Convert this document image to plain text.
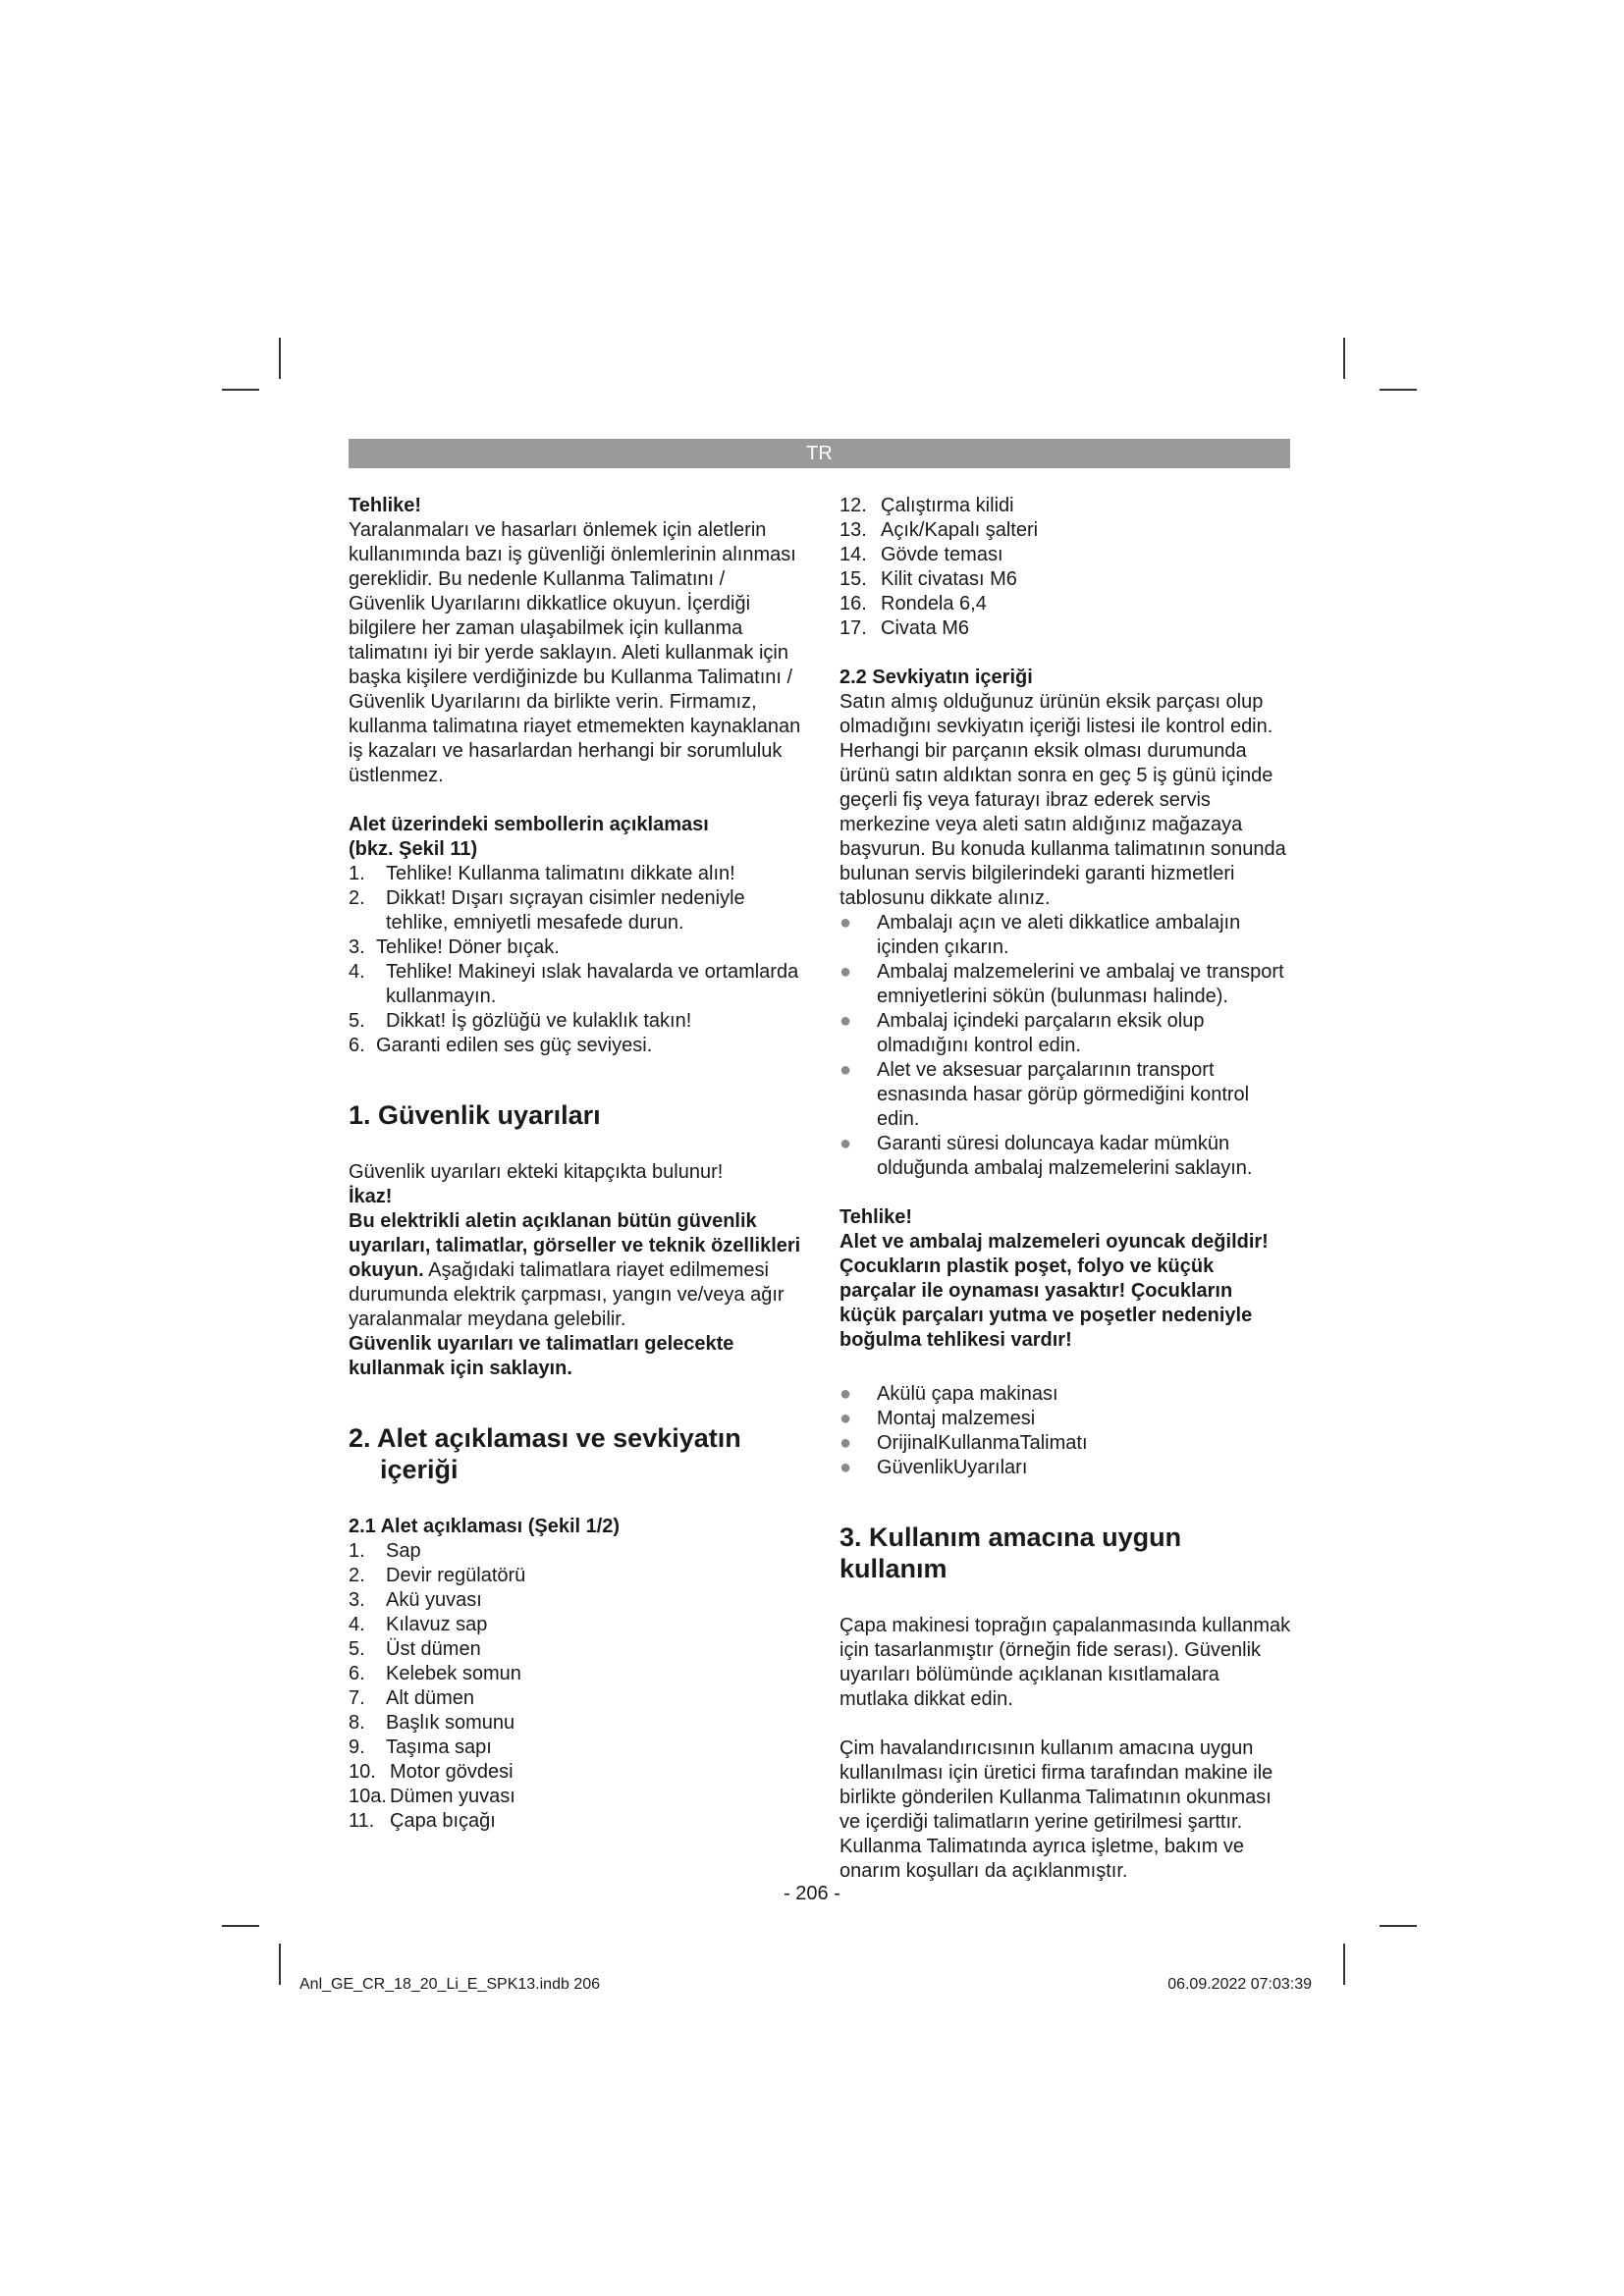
TR

Tehlike!

Yaralanmaları ve hasarları önlemek için aletlerin kullanımında bazı iş güvenliği önlemlerinin alınması gereklidir. Bu nedenle Kullanma Talimatını / Güvenlik Uyarılarını dikkatlice okuyun. İçerdiği bilgilere her zaman ulaşabilmek için kullanma talimatını iyi bir yerde saklayın. Aleti kullanmak için başka kişilere verdiğinizde bu Kullanma Talimatını / Güvenlik Uyarılarını da birlikte verin. Firmamız, kullanma talimatına riayet etmemekten kaynaklanan iş kazaları ve hasarlardan herhangi bir sorumluluk üstlenmez.

Alet üzerindeki sembollerin açıklaması

(bkz. Şekil 11)

1.	Tehlike! Kullanma talimatını dikkate alın!
2.	Dikkat! Dışarı sıçrayan cisimler nedeniyle tehlike, emniyetli mesafede durun.
3. Tehlike! Döner bıçak.
4.	Tehlike! Makineyi ıslak havalarda ve ortamlarda kullanmayın.
5.	Dikkat! İş gözlüğü ve kulaklık takın!
6. Garanti edilen ses güç seviyesi.

1. Güvenlik uyarıları

Güvenlik uyarıları ekteki kitapçıkta bulunur!

İkaz!

Bu elektrikli aletin açıklanan bütün güvenlik uyarıları, talimatlar, görseller ve teknik özellikleri okuyun. Aşağıdaki talimatlara riayet edilmemesi durumunda elektrik çarpması, yangın ve/veya ağır yaralanmalar meydana gelebilir.

Güvenlik uyarıları ve talimatları gelecekte kullanmak için saklayın.

2. Alet açıklaması ve sevkiyatın içeriği

2.1 Alet açıklaması (Şekil 1/2)

1.	Sap
2.	Devir regülatörü
3.	Akü yuvası
4.	Kılavuz sap
5.	Üst dümen
6.	Kelebek somun
7.	Alt dümen
8.	Başlık somunu
9.	Taşıma sapı
10. Motor gövdesi
10a. Dümen yuvası
11. Çapa bıçağı
12. Çalıştırma kilidi
13. Açık/Kapalı şalteri
14. Gövde teması
15. Kilit civatası M6
16. Rondela 6,4
17. Civata M6

2.2 Sevkiyatın içeriği

Satın almış olduğunuz ürünün eksik parçası olup olmadığını sevkiyatın içeriği listesi ile kontrol edin. Herhangi bir parçanın eksik olması durumunda ürünü satın aldıktan sonra en geç 5 iş günü içinde geçerli fiş veya faturayı ibraz ederek servis merkezine veya aleti satın aldığınız mağazaya başvurun. Bu konuda kullanma talimatının sonunda bulunan servis bilgilerindeki garanti hizmetleri tablosunu dikkate alınız.

●	Ambalajı açın ve aleti dikkatlice ambalajın içinden çıkarın.
●	Ambalaj malzemelerini ve ambalaj ve transport emniyetlerini sökün (bulunması halinde).
●	Ambalaj içindeki parçaların eksik olup olmadığını kontrol edin.
●	Alet ve aksesuar parçalarının transport esnasında hasar görüp görmediğini kontrol edin.
●	Garanti süresi doluncaya kadar mümkün olduğunda ambalaj malzemelerini saklayın.

Tehlike!

Alet ve ambalaj malzemeleri oyuncak değildir! Çocukların plastik poşet, folyo ve küçük parçalar ile oynaması yasaktır! Çocukların küçük parçaları yutma ve poşetler nedeniyle boğulma tehlikesi vardır!

●	Akülü çapa makinası
●	Montaj malzemesi
●	OrijinalKullanmaTalimatı
●	GüvenlikUyarıları

3. Kullanım amacına uygun kullanım

Çapa makinesi toprağın çapalanmasında kullanmak için tasarlanmıştır (örneğin fide serası). Güvenlik uyarıları bölümünde açıklanan kısıtlamalara mutlaka dikkat edin.

Çim havalandırıcısının kullanım amacına uygun kullanılması için üretici firma tarafından makine ile birlikte gönderilen Kullanma Talimatının okunması ve içerdiği talimatların yerine getirilmesi şarttır. Kullanma Talimatında ayrıca işletme, bakım ve onarım koşulları da açıklanmıştır.

- 206 -
Anl_GE_CR_18_20_Li_E_SPK13.indb 206	06.09.2022 07:03:39
